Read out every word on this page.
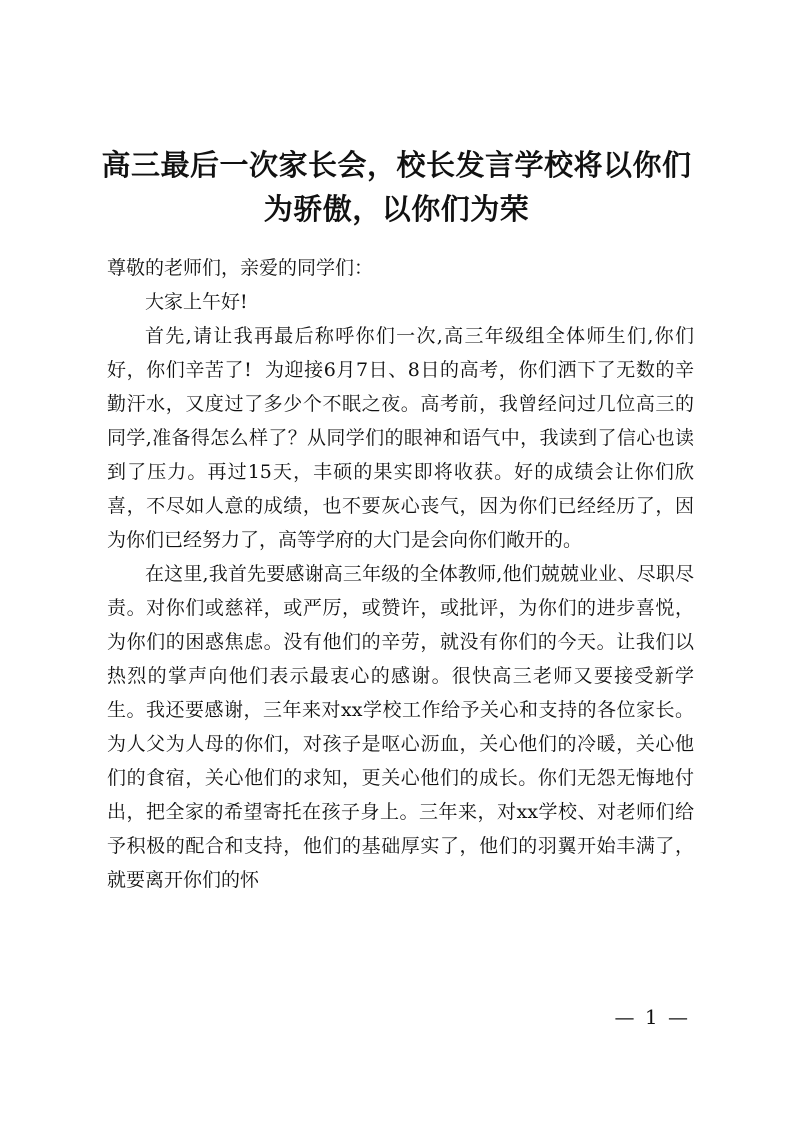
高三最后一次家长会，校长发言学校将以你们
为骄傲，以你们为荣

尊敬的老师们，亲爱的同学们：

大家上午好!

首先,请让我再最后称呼你们一次,高三年级组全体师生们,你们好，你们辛苦了!  为迎接6月7日、8日的高考，你们洒下了无数的辛勤汗水，又度过了多少个不眠之夜。高考前，我曾经问过几位高三的同学,准备得怎么样了？从同学们的眼神和语气中，我读到了信心也读到了压力。再过15天，丰硕的果实即将收获。好的成绩会让你们欣喜，不尽如人意的成绩，也不要灰心丧气，因为你们已经经历了，因为你们已经努力了，高等学府的大门是会向你们敞开的。

在这里,我首先要感谢高三年级的全体教师,他们兢兢业业、尽职尽责。对你们或慈祥，或严厉，或赞许，或批评，为你们的进步喜悦，为你们的困惑焦虑。没有他们的辛劳，就没有你们的今天。让我们以热烈的掌声向他们表示最衷心的感谢。很快高三老师又要接受新学生。我还要感谢，三年来对xx学校工作给予关心和支持的各位家长。为人父为人母的你们，对孩子是呕心沥血，关心他们的冷暖，关心他们的食宿，关心他们的求知，更关心他们的成长。你们无怨无悔地付出，把全家的希望寄托在孩子身上。三年来，对xx学校、对老师们给予积极的配合和支持，他们的基础厚实了，他们的羽翼开始丰满了，就要离开你们的怀

— 1 —
